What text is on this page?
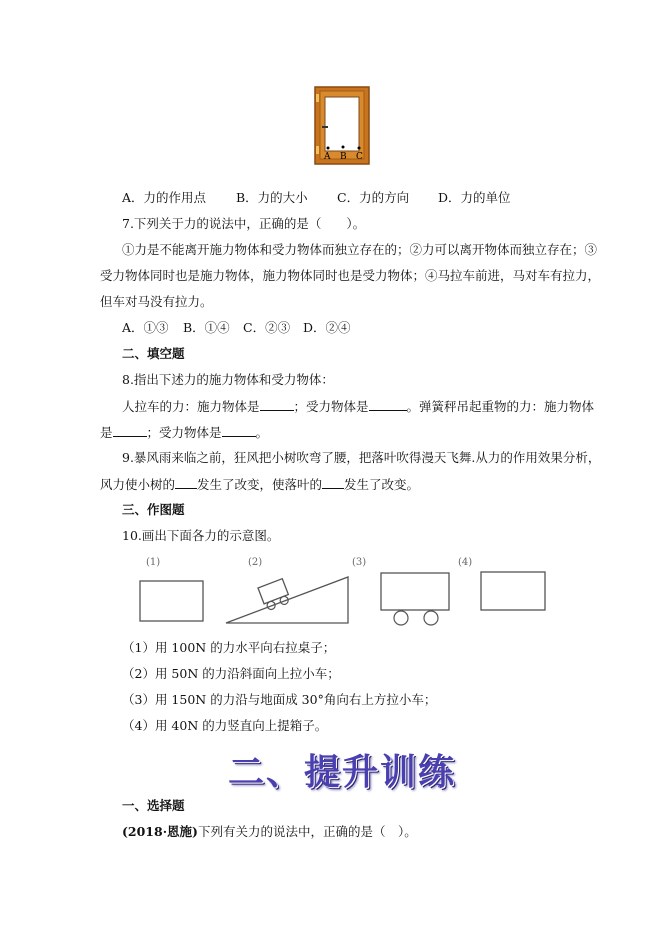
A B C
A．力的作用点 B．力的大小 C．力的方向 D．力的单位
7.下列关于力的说法中，正确的是（　　）。
①力是不能离开施力物体和受力物体而独立存在的；②力可以离开物体而独立存在；③
受力物体同时也是施力物体，施力物体同时也是受力物体；④马拉车前进，马对车有拉力，
但车对马没有拉力。
A．①③ B．①④ C．②③ D．②④
二、填空题
8.指出下述力的施力物体和受力物体：
人拉车的力：施力物体是	；受力物体是	。弹簧秤吊起重物的力：施力物体
是	；受力物体是	。
9.暴风雨来临之前，狂风把小树吹弯了腰，把落叶吹得漫天飞舞.从力的作用效果分析，
风力使小树的 发生了改变，使落叶的 发生了改变。
三、作图题
10.画出下面各力的示意图。
(1)	(2)	(3)	(4)
（1）用 100N 的力水平向右拉桌子；
（2）用 50N 的力沿斜面向上拉小车；
（3）用 150N 的力沿与地面成 30°角向右上方拉小车；
（4）用 40N 的力竖直向上提箱子。
二、提升训练
一、选择题
(2018·恩施)下列有关力的说法中，正确的是（　）。
